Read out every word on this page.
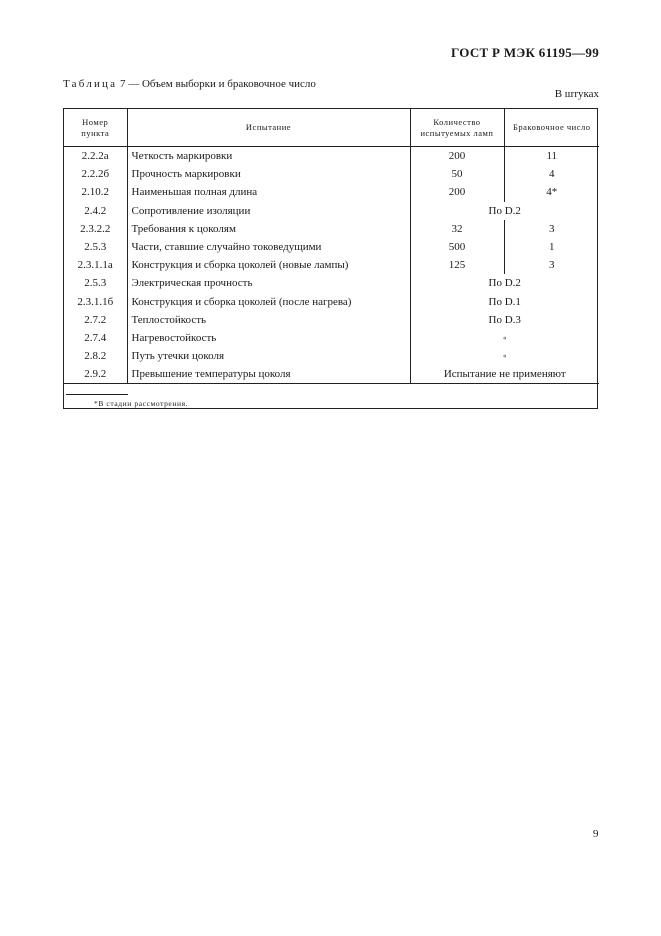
ГОСТ Р МЭК 61195—99
Таблица 7 — Объем выборки и браковочное число
В штуках
Номер пункта	Испытание	Количество испытуемых ламп	Браковочное число
2.2.2а	Четкость маркировки	200	11
2.2.2б	Прочность маркировки	50	4
2.10.2	Наименьшая полная длина	200	4*
2.4.2	Сопротивление изоляции	По D.2	
2.3.2.2	Требования к цоколям	32	3
2.5.3	Части, ставшие случайно токоведущими	500	1
2.3.1.1а	Конструкция и сборка цоколей (новые лампы)	125	3
2.5.3	Электрическая прочность	По D.2	
2.3.1.1б	Конструкция и сборка цоколей (после нагрева)	По D.1	
2.7.2	Теплостойкость	По D.3	
2.7.4	Нагревостойкость	«	
2.8.2	Путь утечки цоколя	«	
2.9.2	Превышение температуры цоколя	Испытание не применяют	
*В стадии рассмотрения.
9
